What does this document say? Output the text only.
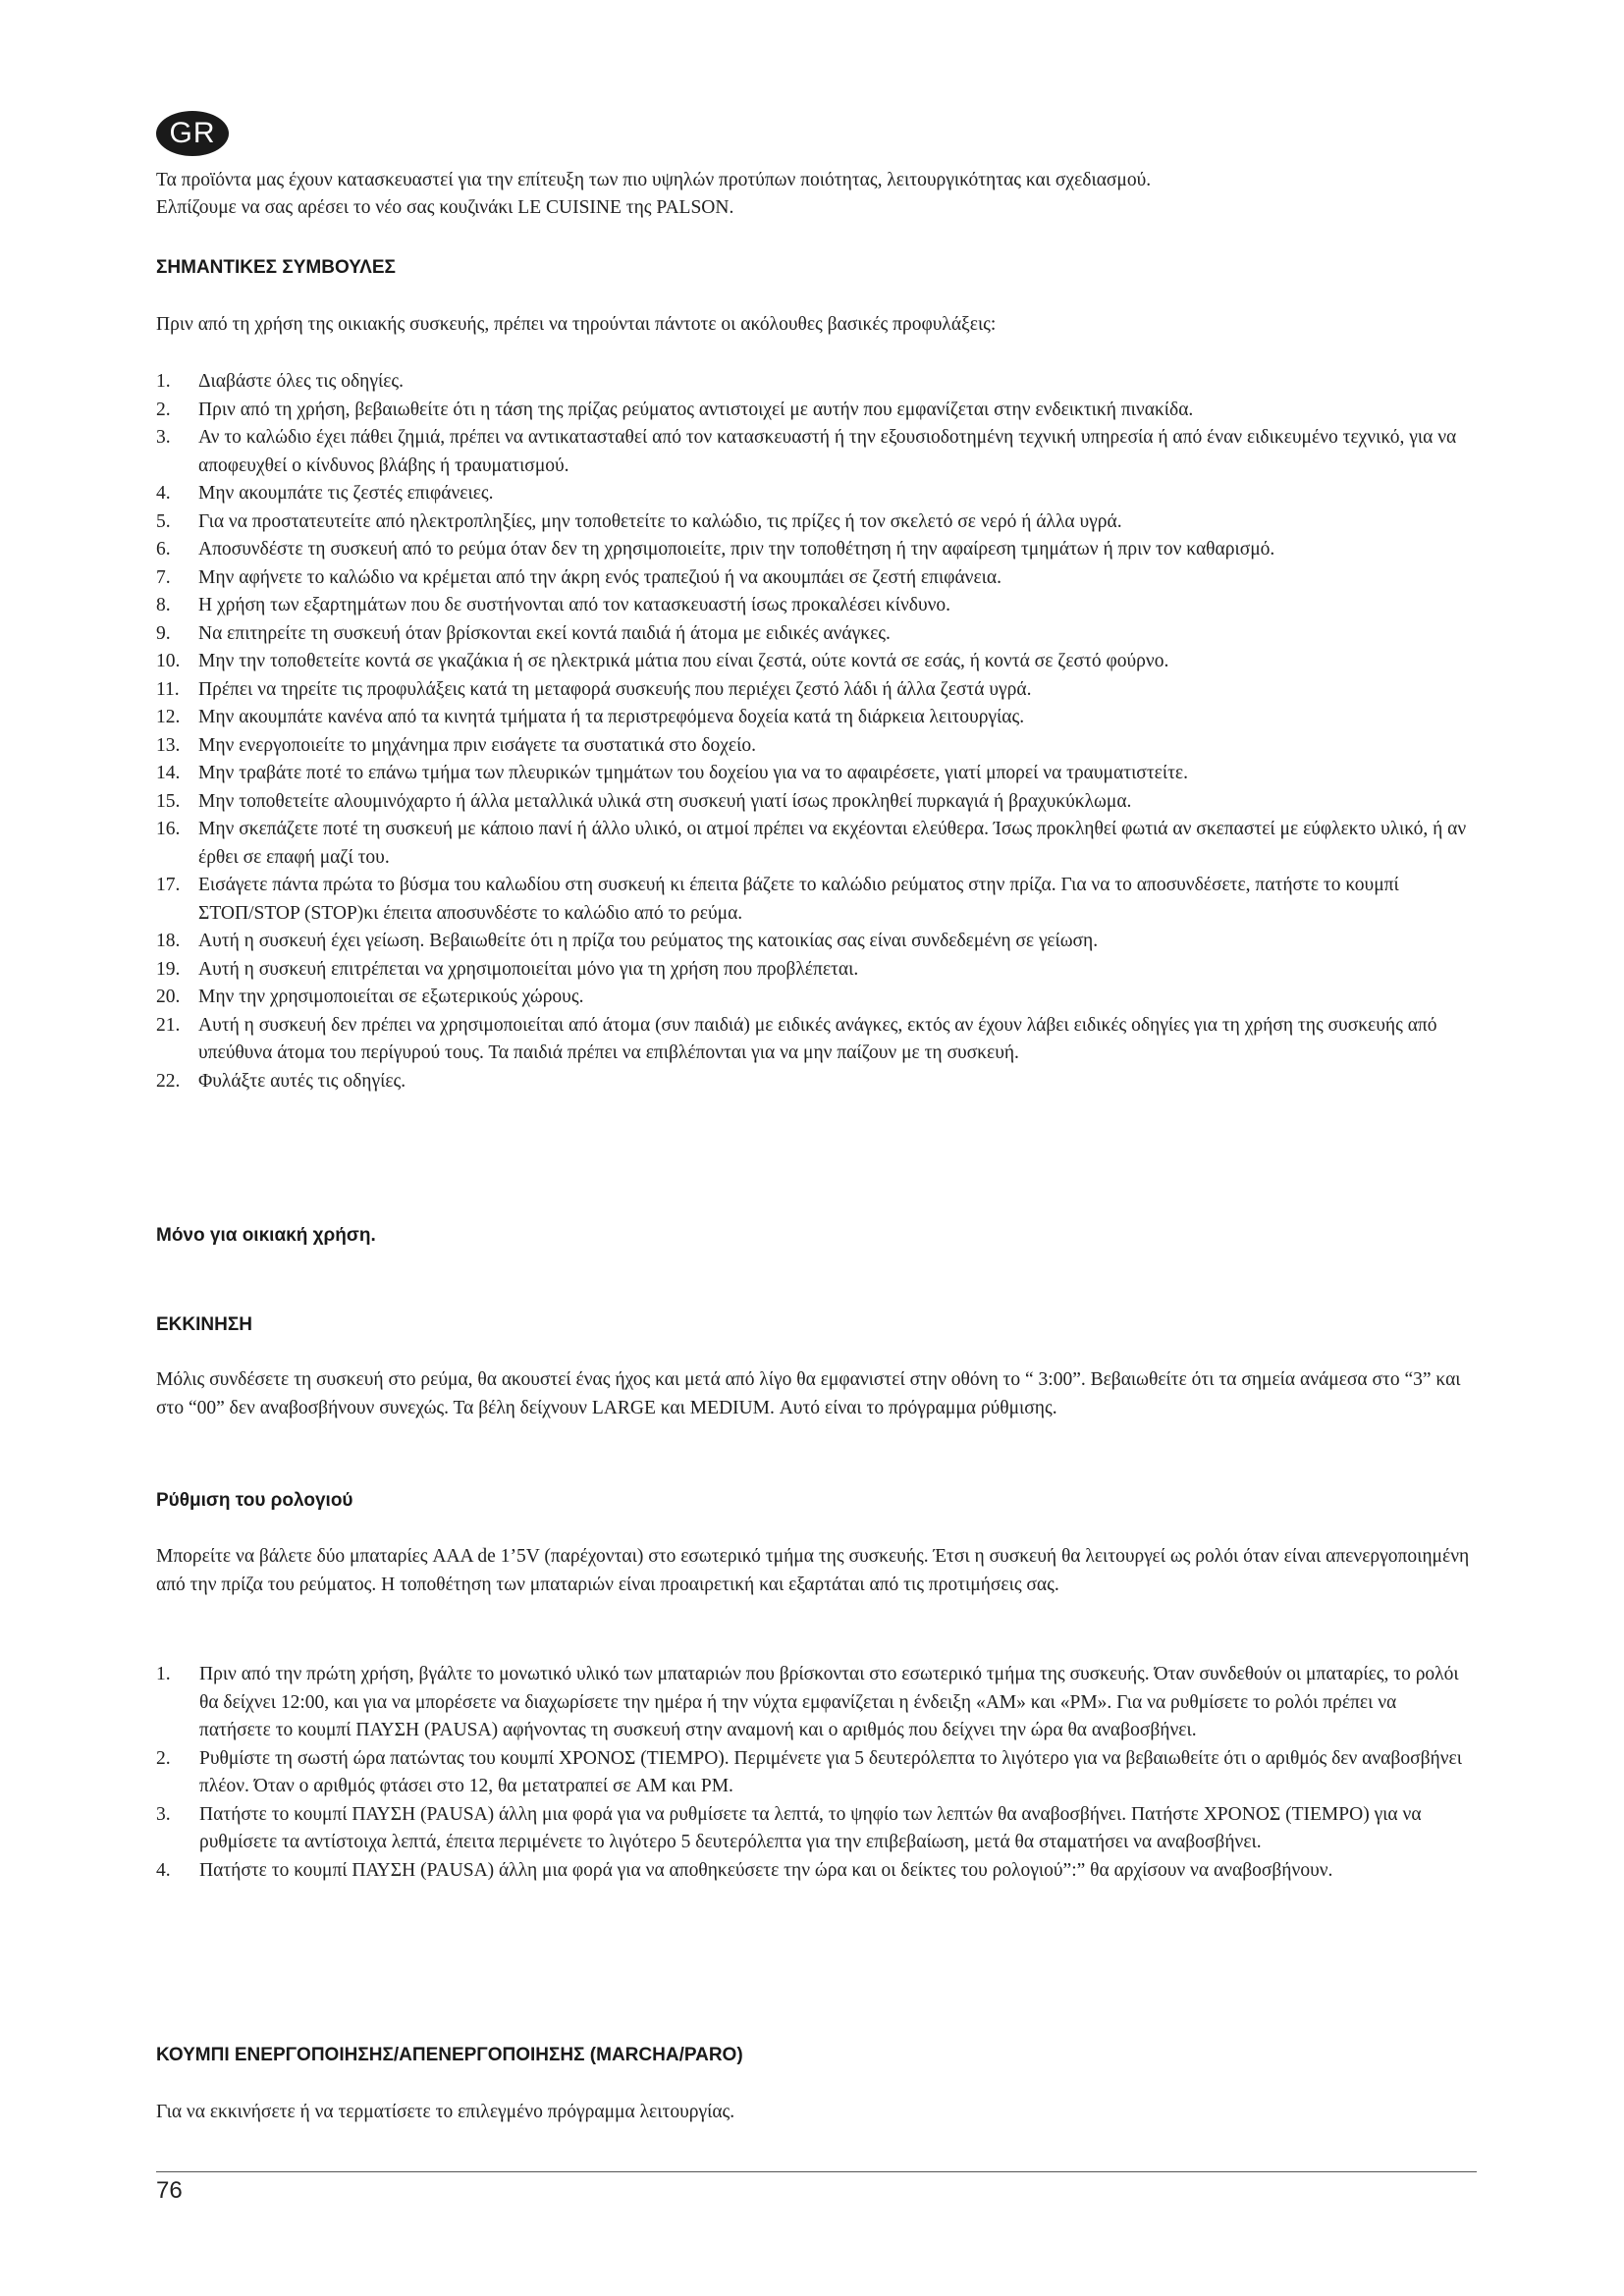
GR

Τα προϊόντα μας έχουν κατασκευαστεί για την επίτευξη των πιο υψηλών προτύπων ποιότητας, λειτουργικότητας και σχεδιασμού.

Ελπίζουμε να σας αρέσει το νέο σας κουζινάκι LE CUISINE της PALSON.

ΣΗΜΑΝΤΙΚΕΣ ΣΥΜΒΟΥΛΕΣ

Πριν από τη χρήση της οικιακής συσκευής, πρέπει να τηρούνται πάντοτε οι ακόλουθες βασικές προφυλάξεις:

1. Διαβάστε όλες τις οδηγίες.
2. Πριν από τη χρήση, βεβαιωθείτε ότι η τάση της πρίζας ρεύματος αντιστοιχεί με αυτήν που εμφανίζεται στην ενδεικτική πινακίδα.
3. Αν το καλώδιο έχει πάθει ζημιά, πρέπει να αντικατασταθεί από τον κατασκευαστή ή την εξουσιοδοτημένη τεχνική υπηρεσία ή από έναν ειδικευμένο τεχνικό, για να αποφευχθεί ο κίνδυνος βλάβης ή τραυματισμού.
4. Μην ακουμπάτε τις ζεστές επιφάνειες.
5. Για να προστατευτείτε από ηλεκτροπληξίες, μην τοποθετείτε το καλώδιο, τις πρίζες ή τον σκελετό σε νερό ή άλλα υγρά.
6. Αποσυνδέστε τη συσκευή από το ρεύμα όταν δεν τη χρησιμοποιείτε, πριν την τοποθέτηση ή την αφαίρεση τμημάτων ή πριν τον καθαρισμό.
7. Μην αφήνετε το καλώδιο να κρέμεται από την άκρη ενός τραπεζιού ή να ακουμπάει σε ζεστή επιφάνεια.
8. Η χρήση των εξαρτημάτων που δε συστήνονται από τον κατασκευαστή ίσως προκαλέσει κίνδυνο.
9. Να επιτηρείτε τη συσκευή όταν βρίσκονται εκεί κοντά παιδιά ή άτομα με ειδικές ανάγκες.
10. Μην την τοποθετείτε κοντά σε γκαζάκια ή σε ηλεκτρικά μάτια που είναι ζεστά, ούτε κοντά σε εσάς, ή κοντά σε ζεστό φούρνο.
11. Πρέπει να τηρείτε τις προφυλάξεις κατά τη μεταφορά συσκευής που περιέχει ζεστό λάδι ή άλλα ζεστά υγρά.
12. Μην ακουμπάτε κανένα από τα κινητά τμήματα ή τα περιστρεφόμενα δοχεία κατά τη διάρκεια λειτουργίας.
13. Μην ενεργοποιείτε το μηχάνημα πριν εισάγετε τα συστατικά στο δοχείο.
14. Μην τραβάτε ποτέ το επάνω τμήμα των πλευρικών τμημάτων του δοχείου για να το αφαιρέσετε, γιατί μπορεί να τραυματιστείτε.
15. Μην τοποθετείτε αλουμινόχαρτο ή άλλα μεταλλικά υλικά στη συσκευή γιατί ίσως προκληθεί πυρκαγιά ή βραχυκύκλωμα.
16. Μην σκεπάζετε ποτέ τη συσκευή με κάποιο πανί ή άλλο υλικό, οι ατμοί πρέπει να εκχέονται ελεύθερα. Ίσως προκληθεί φωτιά αν σκεπαστεί με εύφλεκτο υλικό, ή αν έρθει σε επαφή μαζί του.
17. Εισάγετε πάντα πρώτα το βύσμα του καλωδίου στη συσκευή κι έπειτα βάζετε το καλώδιο ρεύματος στην πρίζα. Για να το αποσυνδέσετε, πατήστε το κουμπί ΣΤΟΠ/STOP (STOP)κι έπειτα αποσυνδέστε το καλώδιο από το ρεύμα.
18. Αυτή η συσκευή έχει γείωση. Βεβαιωθείτε ότι η πρίζα του ρεύματος της κατοικίας σας είναι συνδεδεμένη σε γείωση.
19. Αυτή η συσκευή επιτρέπεται να χρησιμοποιείται μόνο για τη χρήση που προβλέπεται.
20. Μην την χρησιμοποιείται σε εξωτερικούς χώρους.
21. Αυτή η συσκευή δεν πρέπει να χρησιμοποιείται από άτομα (συν παιδιά) με ειδικές ανάγκες, εκτός αν έχουν λάβει ειδικές οδηγίες για τη χρήση της συσκευής από υπεύθυνα άτομα του περίγυρού τους. Τα παιδιά πρέπει να επιβλέπονται για να μην παίζουν με τη συσκευή.
22. Φυλάξτε αυτές τις οδηγίες.
Μόνο για οικιακή χρήση.
ΕΚΚΙΝΗΣΗ

Μόλις συνδέσετε τη συσκευή στο ρεύμα, θα ακουστεί ένας ήχος και μετά από λίγο θα εμφανιστεί στην οθόνη το “ 3:00”. Βεβαιωθείτε ότι τα σημεία ανάμεσα στο “3” και στο “00” δεν αναβοσβήνουν συνεχώς. Τα βέλη δείχνουν LARGE και MEDIUM. Αυτό είναι το πρόγραμμα ρύθμισης.

Ρύθμιση του ρολογιού

Μπορείτε να βάλετε δύο μπαταρίες AAA de 1’5V (παρέχονται) στο εσωτερικό τμήμα της συσκευής. Έτσι η συσκευή θα λειτουργεί ως ρολόι όταν είναι απενεργοποιημένη από την πρίζα του ρεύματος. Η τοποθέτηση των μπαταριών είναι προαιρετική και εξαρτάται από τις προτιμήσεις σας.

1. Πριν από την πρώτη χρήση, βγάλτε το μονωτικό υλικό των μπαταριών που βρίσκονται στο εσωτερικό τμήμα της συσκευής. Όταν συνδεθούν οι μπαταρίες, το ρολόι θα δείχνει 12:00, και για να μπορέσετε να διαχωρίσετε την ημέρα ή την νύχτα εμφανίζεται η ένδειξη «AM» και «PM». Για να ρυθμίσετε το ρολόι πρέπει να πατήσετε το κουμπί ΠΑΥΣΗ (PAUSA) αφήνοντας τη συσκευή στην αναμονή και ο αριθμός που δείχνει την ώρα θα αναβοσβήνει.
2. Ρυθμίστε τη σωστή ώρα πατώντας του κουμπί ΧΡΟΝΟΣ (TIEMPO). Περιμένετε για 5 δευτερόλεπτα το λιγότερο για να βεβαιωθείτε ότι ο αριθμός δεν αναβοσβήνει πλέον. Όταν ο αριθμός φτάσει στο 12, θα μετατραπεί σε AM και PM.
3. Πατήστε το κουμπί ΠΑΥΣΗ (PAUSA) άλλη μια φορά για να ρυθμίσετε τα λεπτά, το ψηφίο των λεπτών θα αναβοσβήνει. Πατήστε ΧΡΟΝΟΣ (TIEMPO) για να ρυθμίσετε τα αντίστοιχα λεπτά, έπειτα περιμένετε το λιγότερο 5 δευτερόλεπτα για την επιβεβαίωση, μετά θα σταματήσει να αναβοσβήνει.
4. Πατήστε το κουμπί ΠΑΥΣΗ (PAUSA) άλλη μια φορά για να αποθηκεύσετε την ώρα και οι δείκτες του ρολογιού”:” θα αρχίσουν να αναβοσβήνουν.
ΚΟΥΜΠΙ ΕΝΕΡΓΟΠΟΙΗΣΗΣ/ΑΠΕΝΕΡΓΟΠΟΙΗΣΗΣ (MARCHA/PARO)

Για να εκκινήσετε ή να τερματίσετε το επιλεγμένο πρόγραμμα λειτουργίας.

76
